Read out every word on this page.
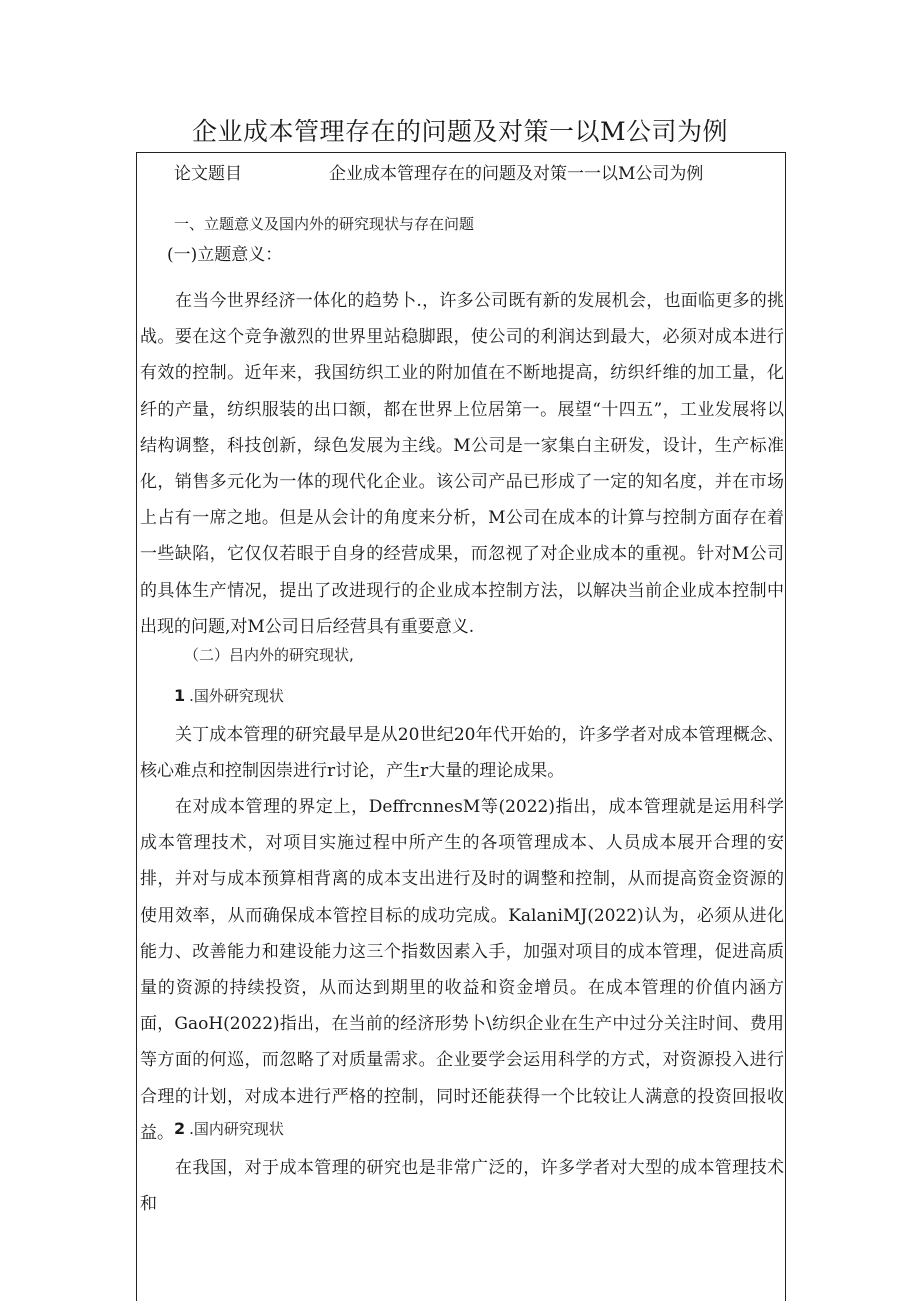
企业成本管理存在的问题及对策一以M公司为例
论文题目	企业成本管理存在的问题及对策一一以M公司为例
一、立题意义及国内外的研究现状与存在问题
(一)立题意义：

在当今世界经济一体化的趋势卜.，许多公司既有新的发展机会，也面临更多的挑战。要在这个竞争激烈的世界里站稳脚跟，使公司的利润达到最大，必须对成本进行有效的控制。近年来，我国纺织工业的附加值在不断地提高，纺织纤维的加工量，化纤的产量，纺织服装的出口额，都在世界上位居第一。展望“十四五”，工业发展将以结构调整，科技创新，绿色发展为主线。M公司是一家集白主研发，设计，生产标准化，销售多元化为一体的现代化企业。该公司产品已形成了一定的知名度，并在市场上占有一席之地。但是从会计的角度来分析，M公司在成本的计算与控制方面存在着一些缺陷，它仅仅若眼于自身的经营成果，而忽视了对企业成本的重视。针对M公司的具体生产情况，提出了改进现行的企业成本控制方法，以解决当前企业成本控制中出现的问题,对M公司日后经营具有重要意义.

（二）吕内外的研究现状,
1 .国外研究现状

关丁成本管理的研究最早是从20世纪20年代开始的，许多学者对成本管理概念、核心难点和控制因崇进行r讨论，产生r大量的理论成果。

在对成本管理的界定上，DeffrcnnesM等(2022)指出，成本管理就是运用科学成本管理技术，对项目实施过程中所产生的各项管理成本、人员成本展开合理的安排，并对与成本预算相背离的成本支出进行及时的调整和控制，从而提高资金资源的使用效率，从而确保成本管控目标的成功完成。KalaniMJ(2022)认为，必须从进化能力、改善能力和建设能力这三个指数因素入手，加强对项目的成本管理，促进高质量的资源的持续投资，从而达到期里的收益和资金增员。在成本管理的价值内涵方面，GaoH(2022)指出，在当前的经济形势卜\纺织企业在生产中过分关注时间、费用等方面的何巡，而忽略了对质量需求。企业要学会运用科学的方式，对资源投入进行合理的计划，对成本进行严格的控制，同时还能获得一个比较让人满意的投资回报收益。 2 .国内研究现状

在我国，对于成本管理的研究也是非常广泛的，许多学者对大型的成本管理技术和
